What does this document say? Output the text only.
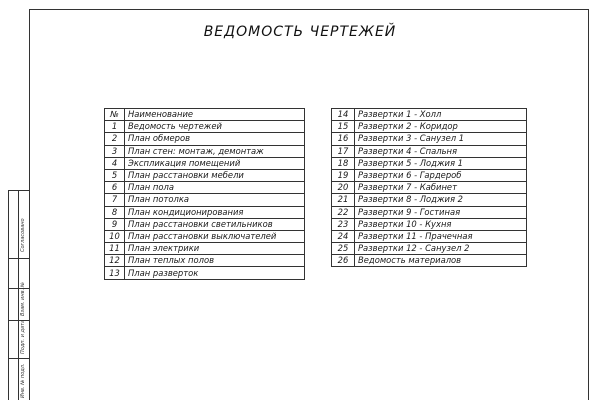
Согласовано
Взам. инв. №
Подп. и дата
Инв. № подл.
ВЕДОМОСТЬ ЧЕРТЕЖЕЙ
№	Наименование
1	Ведомость чертежей
2	План обмеров
3	План стен: монтаж, демонтаж
4	Экспликация помещений
5	План расстановки мебели
6	План пола
7	План потолка
8	План кондиционирования
9	План расстановки светильников
10	План расстановки выключателей
11	План электрики
12	План теплых полов
13	План разверток
14	Развертки 1 - Холл
15	Развертки 2 - Коридор
16	Развертки 3 - Санузел 1
17	Развертки 4 - Спальня
18	Развертки 5 - Лоджия 1
19	Развертки 6 - Гардероб
20	Развертки 7 - Кабинет
21	Развертки 8 - Лоджия 2
22	Развертки 9 - Гостиная
23	Развертки 10 - Кухня
24	Развертки 11 - Прачечная
25	Развертки 12 - Санузел 2
26	Ведомость материалов
